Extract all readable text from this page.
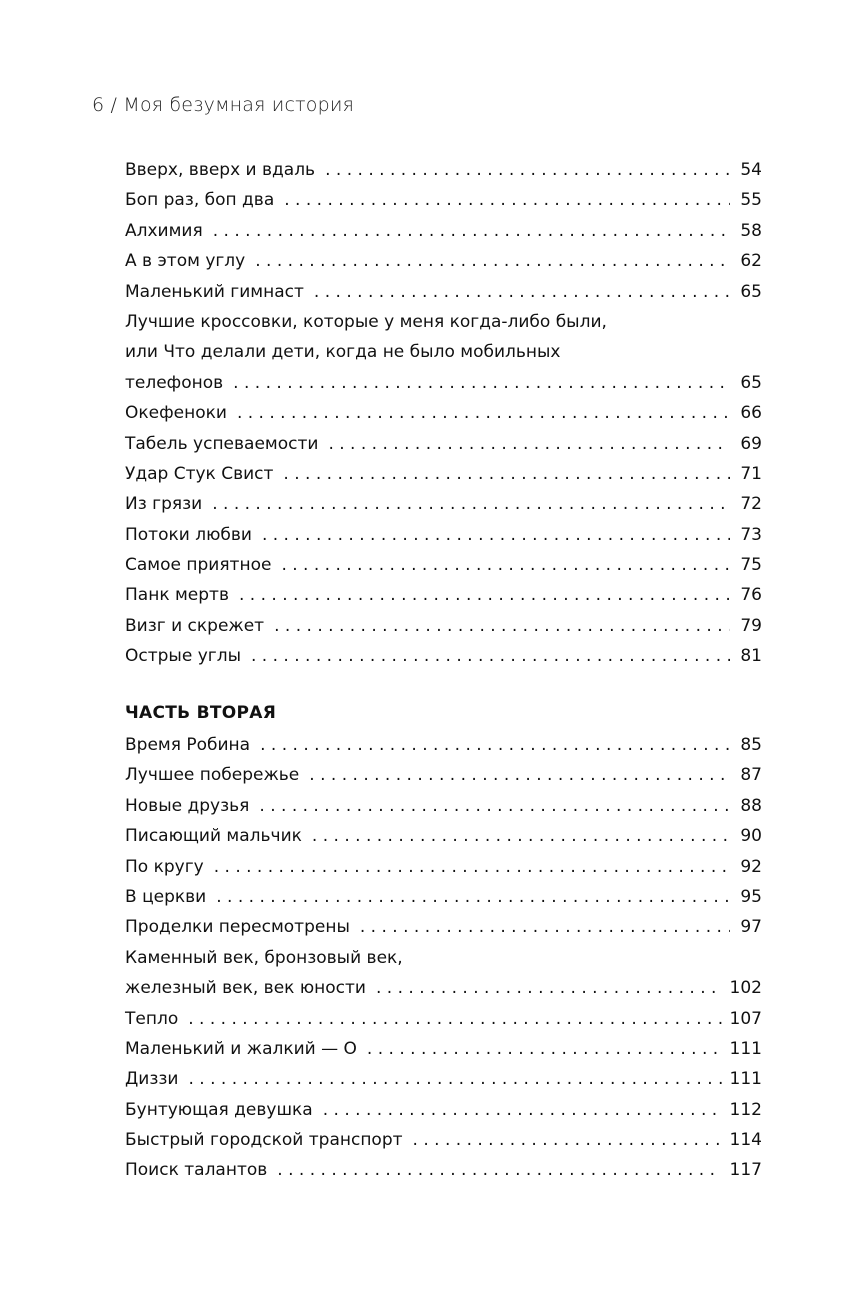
6 / Моя безумная история
Вверх, вверх и вдаль . . .	54
Боп раз, боп два . . .	55
Алхимия . . .	58
А в этом углу . . .	62
Маленький гимнаст . . .	65
Лучшие кроссовки, которые у меня когда-либо были,
или Что делали дети, когда не было мобильных
телефонов . . .	65
Окефеноки . . .	66
Табель успеваемости . . .	69
Удар Стук Свист . . .	71
Из грязи . . .	72
Потоки любви . . .	73
Самое приятное . . .	75
Панк мертв . . .	76
Визг и скрежет . . .	79
Острые углы . . .	81
ЧАСТЬ ВТОРАЯ
Время Робина . . .	85
Лучшее побережье . . .	87
Новые друзья . . .	88
Писающий мальчик . . .	90
По кругу . . .	92
В церкви . . .	95
Проделки пересмотрены . . .	97
Каменный век, бронзовый век,
железный век, век юности . . .	102
Тепло . . .	107
Маленький и жалкий — О . . .	111
Диззи . . .	111
Бунтующая девушка . . .	112
Быстрый городской транспорт . . .	114
Поиск талантов . . .	117
